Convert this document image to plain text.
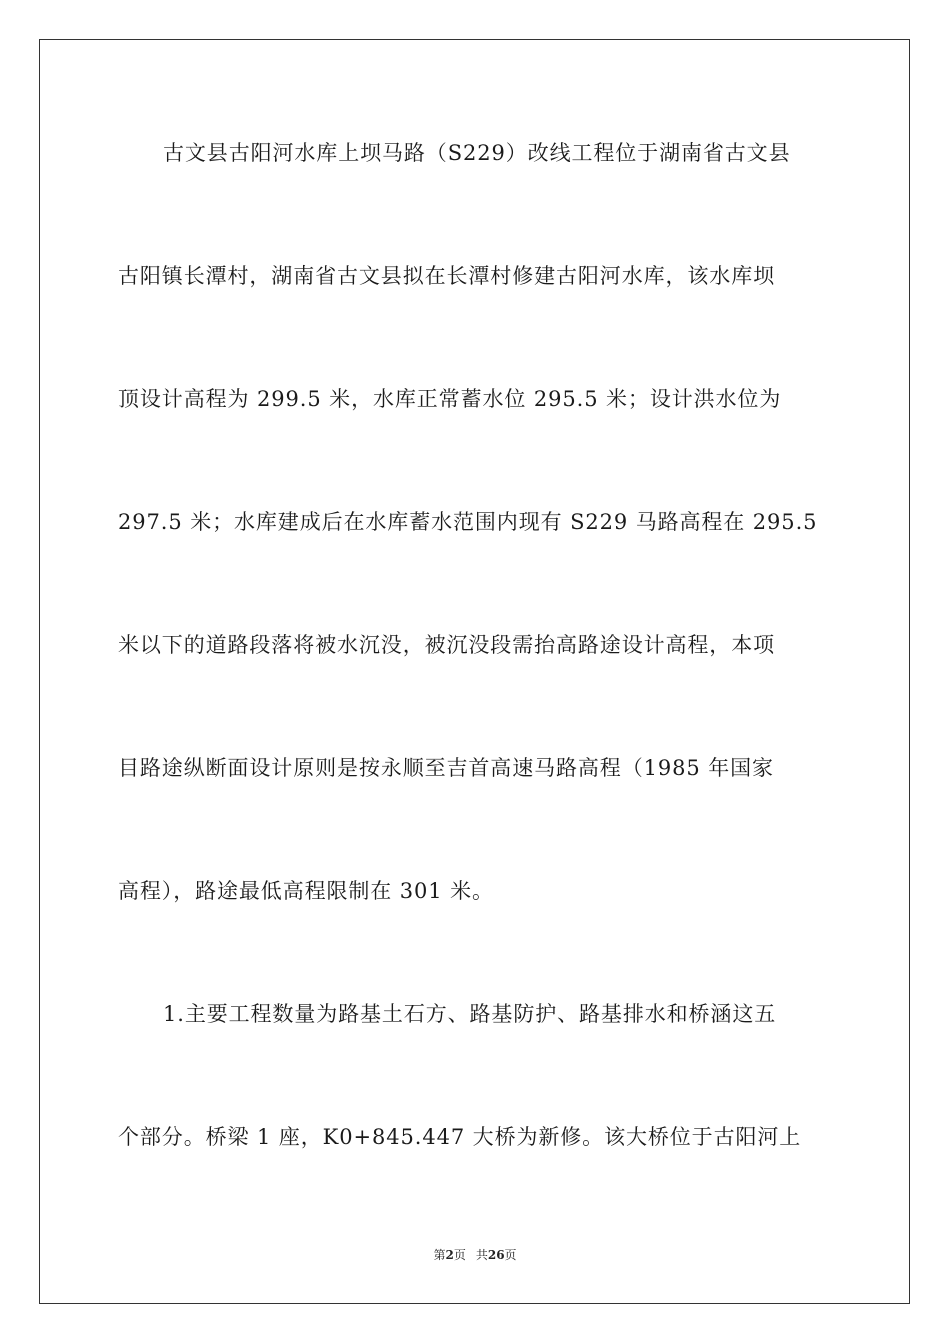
古文县古阳河水库上坝马路（S229）改线工程位于湖南省古文县
古阳镇长潭村，湖南省古文县拟在长潭村修建古阳河水库，该水库坝
顶设计高程为 299.5 米，水库正常蓄水位 295.5 米；设计洪水位为
297.5 米；水库建成后在水库蓄水范围内现有 S229 马路高程在 295.5
米以下的道路段落将被水沉没，被沉没段需抬高路途设计高程，本项
目路途纵断面设计原则是按永顺至吉首高速马路高程（1985 年国家
高程），路途最低高程限制在 301 米。
1.主要工程数量为路基土石方、路基防护、路基排水和桥涵这五
个部分。桥梁 1 座，K0+845.447 大桥为新修。该大桥位于古阳河上
第2页 共26页
